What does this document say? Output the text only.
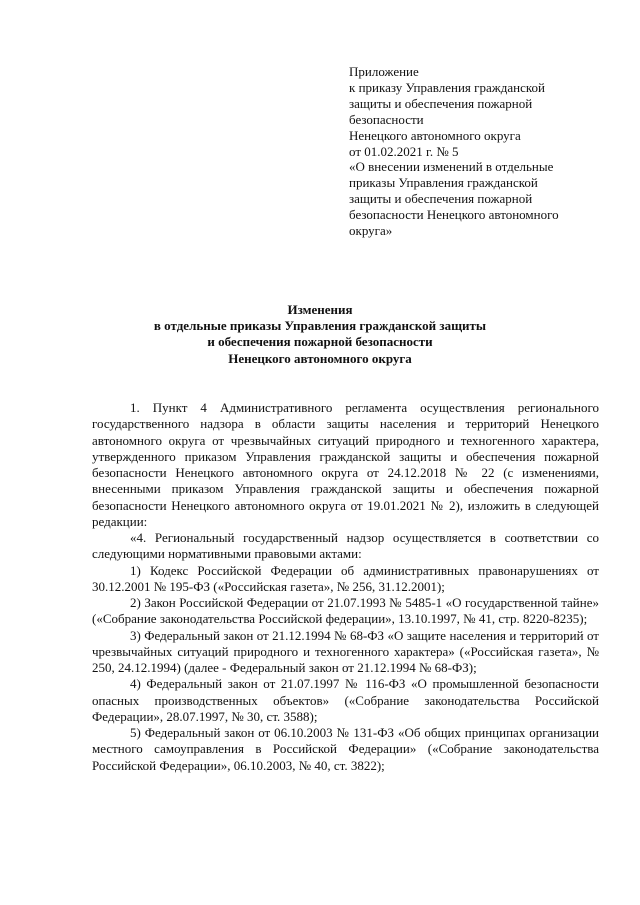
Приложение
к приказу Управления гражданской
защиты и обеспечения пожарной
безопасности
Ненецкого автономного округа
от 01.02.2021 г. № 5
«О внесении изменений в отдельные
приказы Управления гражданской
защиты и обеспечения пожарной
безопасности Ненецкого автономного
округа»
Изменения
в отдельные приказы Управления гражданской защиты
и обеспечения пожарной безопасности
Ненецкого автономного округа

1. Пункт 4 Административного регламента осуществления регионального государственного надзора в области защиты населения и территорий Ненецкого автономного округа от чрезвычайных ситуаций природного и техногенного характера, утвержденного приказом Управления гражданской защиты и обеспечения пожарной безопасности Ненецкого автономного округа от 24.12.2018 № 22 (с изменениями, внесенными приказом Управления гражданской защиты и обеспечения пожарной безопасности Ненецкого автономного округа от 19.01.2021 № 2), изложить в следующей редакции:

«4. Региональный государственный надзор осуществляется в соответствии со следующими нормативными правовыми актами:

1) Кодекс Российской Федерации об административных правонарушениях от 30.12.2001 № 195-ФЗ («Российская газета», № 256, 31.12.2001);

2) Закон Российской Федерации от 21.07.1993 № 5485-1 «О государственной тайне» («Собрание законодательства Российской федерации», 13.10.1997, № 41, стр. 8220-8235);

3) Федеральный закон от 21.12.1994 № 68-ФЗ «О защите населения и территорий от чрезвычайных ситуаций природного и техногенного характера» («Российская газета», № 250, 24.12.1994) (далее - Федеральный закон от 21.12.1994 № 68-ФЗ);

4) Федеральный закон от 21.07.1997 № 116-ФЗ «О промышленной безопасности опасных производственных объектов» («Собрание законодательства Российской Федерации», 28.07.1997, № 30, ст. 3588);

5) Федеральный закон от 06.10.2003 № 131-ФЗ «Об общих принципах организации местного самоуправления в Российской Федерации» («Собрание законодательства Российской Федерации», 06.10.2003, № 40, ст. 3822);
